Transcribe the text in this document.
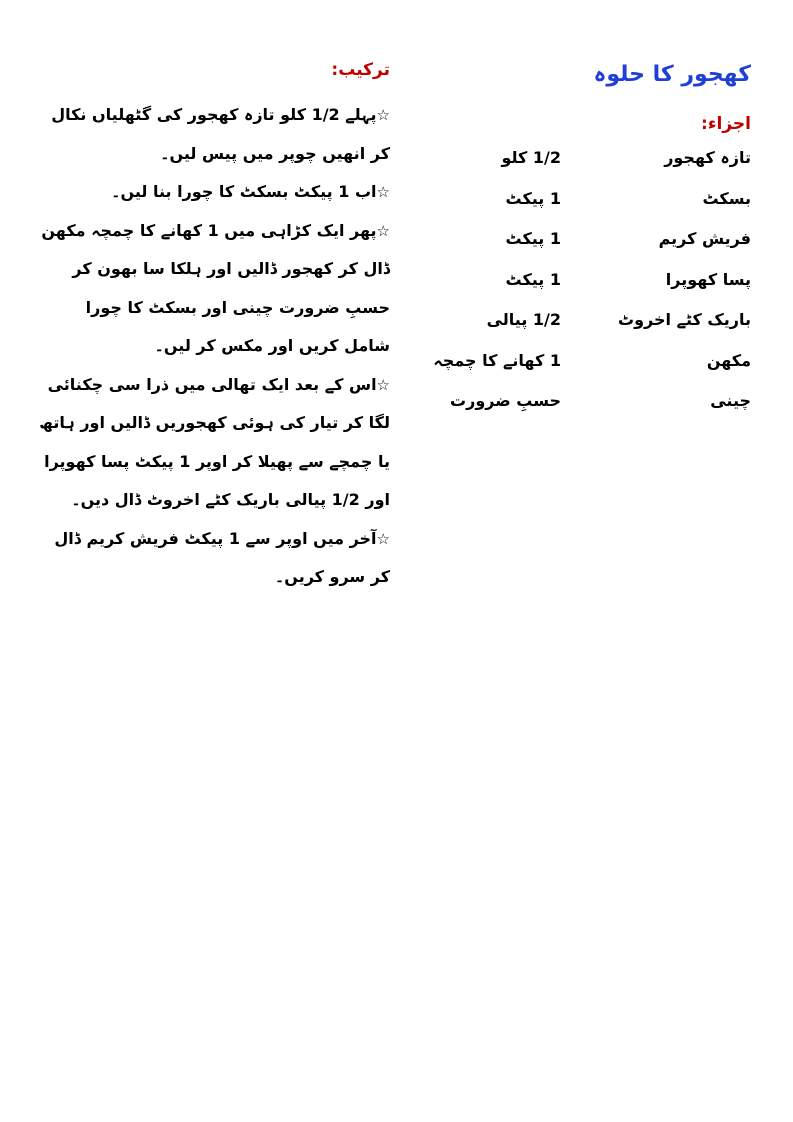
کھجور کا حلوہ
اجزاء:
تازہ کھجور
1/2 کلو
بسکٹ
1 پیکٹ
فریش کریم
1 پیکٹ
پسا کھوپرا
1 پیکٹ
باریک کٹے اخروٹ
1/2 پیالی
مکھن
1 کھانے کا چمچہ
چینی
حسبِ ضرورت
ترکیب:
☆پہلے 1/2 کلو تازہ کھجور کی گٹھلیاں نکال کر انھیں چوپر میں پیس لیں۔
☆اب 1 پیکٹ بسکٹ کا چورا بنا لیں۔
☆پھر ایک کڑاہی میں 1 کھانے کا چمچہ مکھن ڈال کر کھجور ڈالیں اور ہلکا سا بھون کر حسبِ ضرورت چینی اور بسکٹ کا چورا شامل کریں اور مکس کر لیں۔
☆اس کے بعد ایک تھالی میں ذرا سی چکنائی لگا کر تیار کی ہوئی کھجوریں ڈالیں اور ہاتھ یا چمچے سے پھیلا کر اوپر 1 پیکٹ پسا کھوپرا اور 1/2 پیالی باریک کٹے اخروٹ ڈال دیں۔
☆آخر میں اوپر سے 1 پیکٹ فریش کریم ڈال کر سرو کریں۔
